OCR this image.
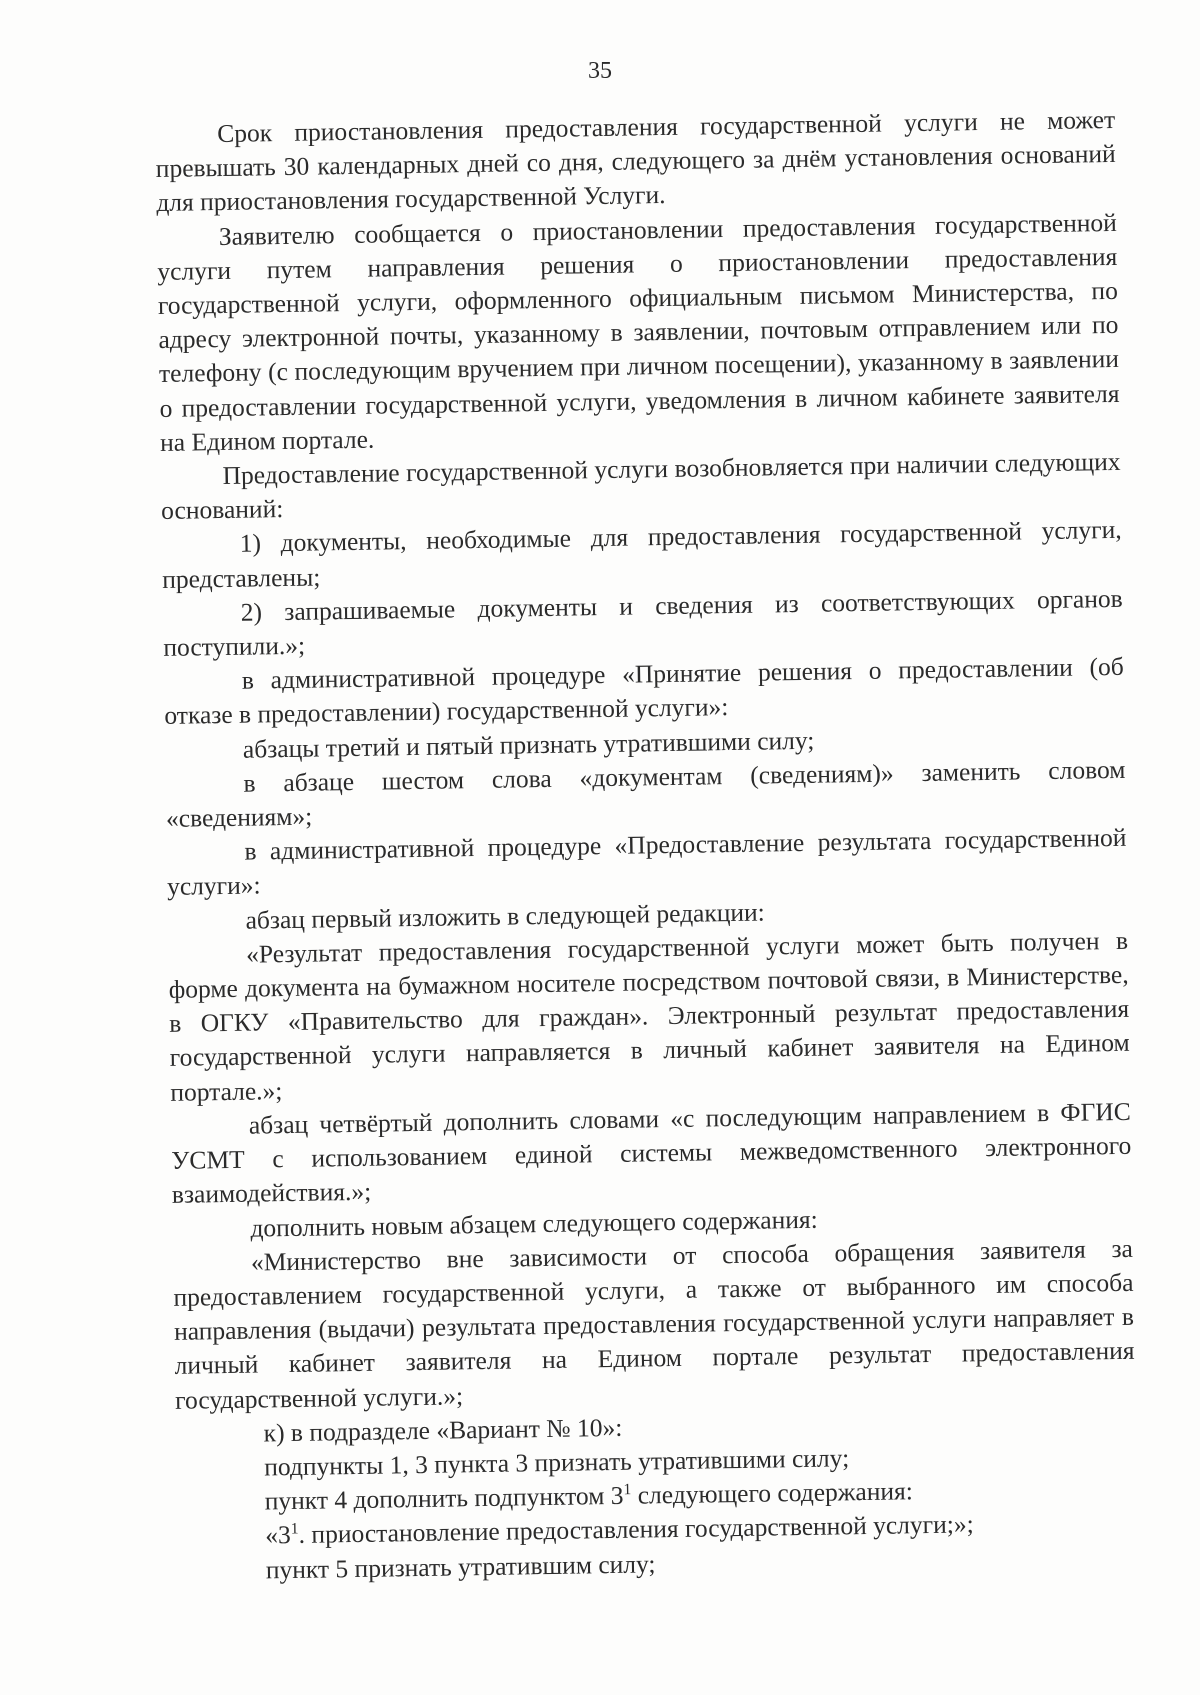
35

Срок приостановления предоставления государственной услуги не может превышать 30 календарных дней со дня, следующего за днём установления оснований для приостановления государственной Услуги.

Заявителю сообщается о приостановлении предоставления государственной услуги путем направления решения о приостановлении предоставления государственной услуги, оформленного официальным письмом Министерства, по адресу электронной почты, указанному в заявлении, почтовым отправлением или по телефону (с последующим вручением при личном посещении), указанному в заявлении о предоставлении государственной услуги, уведомления в личном кабинете заявителя на Едином портале.

Предоставление государственной услуги возобновляется при наличии следующих оснований:

1) документы, необходимые для предоставления государственной услуги, представлены;

2) запрашиваемые документы и сведения из соответствующих органов поступили.»;

в административной процедуре «Принятие решения о предоставлении (об отказе в предоставлении) государственной услуги»:

абзацы третий и пятый признать утратившими силу;

в абзаце шестом слова «документам (сведениям)» заменить словом «сведениям»;

в административной процедуре «Предоставление результата государственной услуги»:

абзац первый изложить в следующей редакции:

«Результат предоставления государственной услуги может быть получен в форме документа на бумажном носителе посредством почтовой связи, в Министерстве, в ОГКУ «Правительство для граждан». Электронный результат предоставления государственной услуги направляется в личный кабинет заявителя на Едином портале.»;

абзац четвёртый дополнить словами «с последующим направлением в ФГИС УСМТ с использованием единой системы межведомственного электронного взаимодействия.»;

дополнить новым абзацем следующего содержания:

«Министерство вне зависимости от способа обращения заявителя за предоставлением государственной услуги, а также от выбранного им способа направления (выдачи) результата предоставления государственной услуги направляет в личный кабинет заявителя на Едином портале результат предоставления государственной услуги.»;

к) в подразделе «Вариант № 10»:

подпункты 1, 3 пункта 3 признать утратившими силу;

пункт 4 дополнить подпунктом $3^1$ следующего содержания:

«$3^1$. приостановление предоставления государственной услуги;»;

пункт 5 признать утратившим силу;
